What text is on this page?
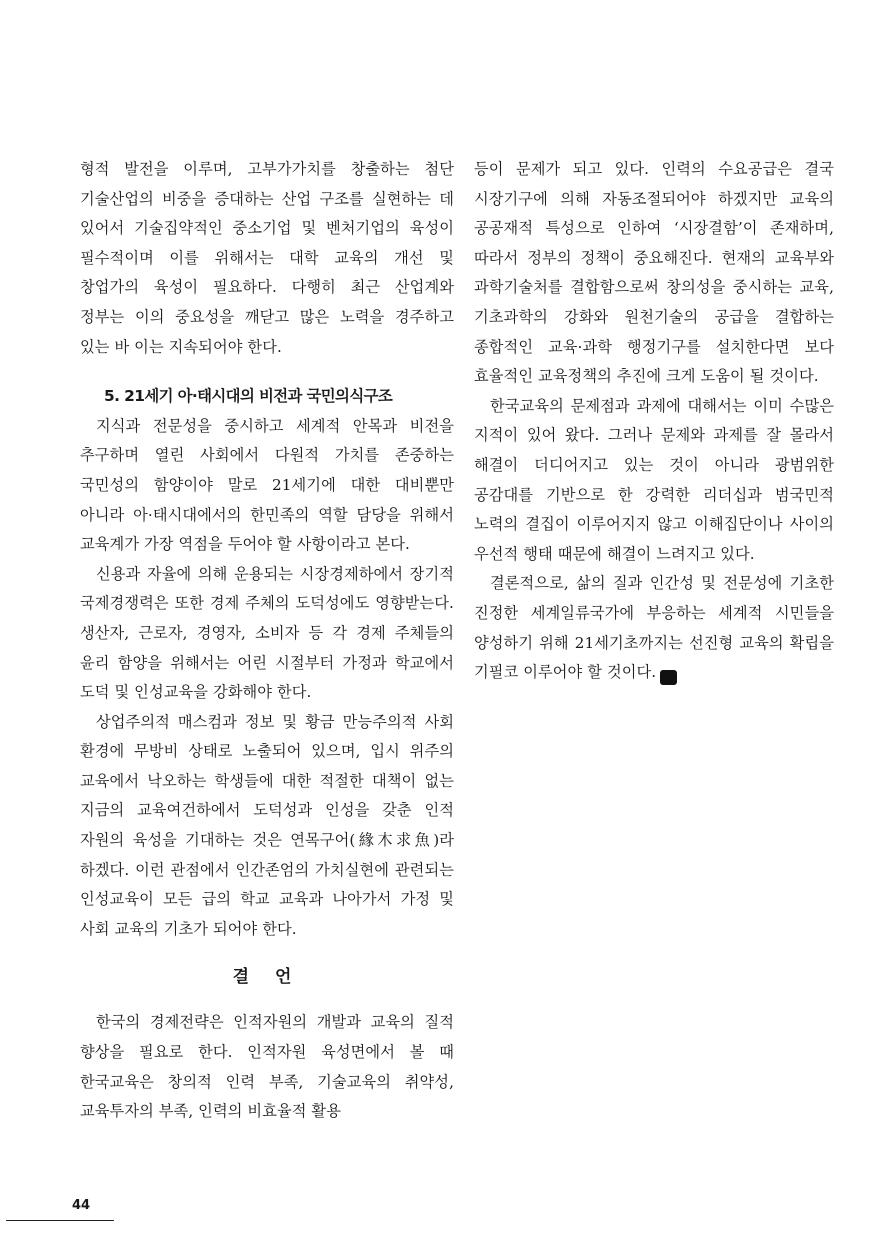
형적 발전을 이루며, 고부가가치를 창출하는 첨단 기술산업의 비중을 증대하는 산업 구조를 실현하는 데 있어서 기술집약적인 중소기업 및 벤처기업의 육성이 필수적이며 이를 위해서는 대학 교육의 개선 및 창업가의 육성이 필요하다. 다행히 최근 산업계와 정부는 이의 중요성을 깨닫고 많은 노력을 경주하고 있는 바 이는 지속되어야 한다.

5. 21세기 아·태시대의 비전과 국민의식구조

지식과 전문성을 중시하고 세계적 안목과 비전을 추구하며 열린 사회에서 다원적 가치를 존중하는 국민성의 함양이야 말로 21세기에 대한 대비뿐만 아니라 아·태시대에서의 한민족의 역할 담당을 위해서 교육계가 가장 역점을 두어야 할 사항이라고 본다.

신용과 자율에 의해 운용되는 시장경제하에서 장기적 국제경쟁력은 또한 경제 주체의 도덕성에도 영향받는다. 생산자, 근로자, 경영자, 소비자 등 각 경제 주체들의 윤리 함양을 위해서는 어린 시절부터 가정과 학교에서 도덕 및 인성교육을 강화해야 한다.

상업주의적 매스컴과 정보 및 황금 만능주의적 사회 환경에 무방비 상태로 노출되어 있으며, 입시 위주의 교육에서 낙오하는 학생들에 대한 적절한 대책이 없는 지금의 교육여건하에서 도덕성과 인성을 갖춘 인적 자원의 육성을 기대하는 것은 연목구어(緣木求魚)라 하겠다. 이런 관점에서 인간존엄의 가치실현에 관련되는 인성교육이 모든 급의 학교 교육과 나아가서 가정 및 사회 교육의 기초가 되어야 한다.

결 언

한국의 경제전략은 인적자원의 개발과 교육의 질적 향상을 필요로 한다. 인적자원 육성면에서 볼 때 한국교육은 창의적 인력 부족, 기술교육의 취약성, 교육투자의 부족, 인력의 비효율적 활용

등이 문제가 되고 있다. 인력의 수요공급은 결국 시장기구에 의해 자동조절되어야 하겠지만 교육의 공공재적 특성으로 인하여 ‘시장결함’이 존재하며, 따라서 정부의 정책이 중요해진다. 현재의 교육부와 과학기술처를 결합함으로써 창의성을 중시하는 교육, 기초과학의 강화와 원천기술의 공급을 결합하는 종합적인 교육·과학 행정기구를 설치한다면 보다 효율적인 교육정책의 추진에 크게 도움이 될 것이다.

한국교육의 문제점과 과제에 대해서는 이미 수많은 지적이 있어 왔다. 그러나 문제와 과제를 잘 몰라서 해결이 더디어지고 있는 것이 아니라 광범위한 공감대를 기반으로 한 강력한 리더십과 범국민적 노력의 결집이 이루어지지 않고 이해집단이나 사이의 우선적 행태 때문에 해결이 느려지고 있다.

결론적으로, 삶의 질과 인간성 및 전문성에 기초한 진정한 세계일류국가에 부응하는 세계적 시민들을 양성하기 위해 21세기초까지는 선진형 교육의 확립을 기필코 이루어야 할 것이다. KRD

44
